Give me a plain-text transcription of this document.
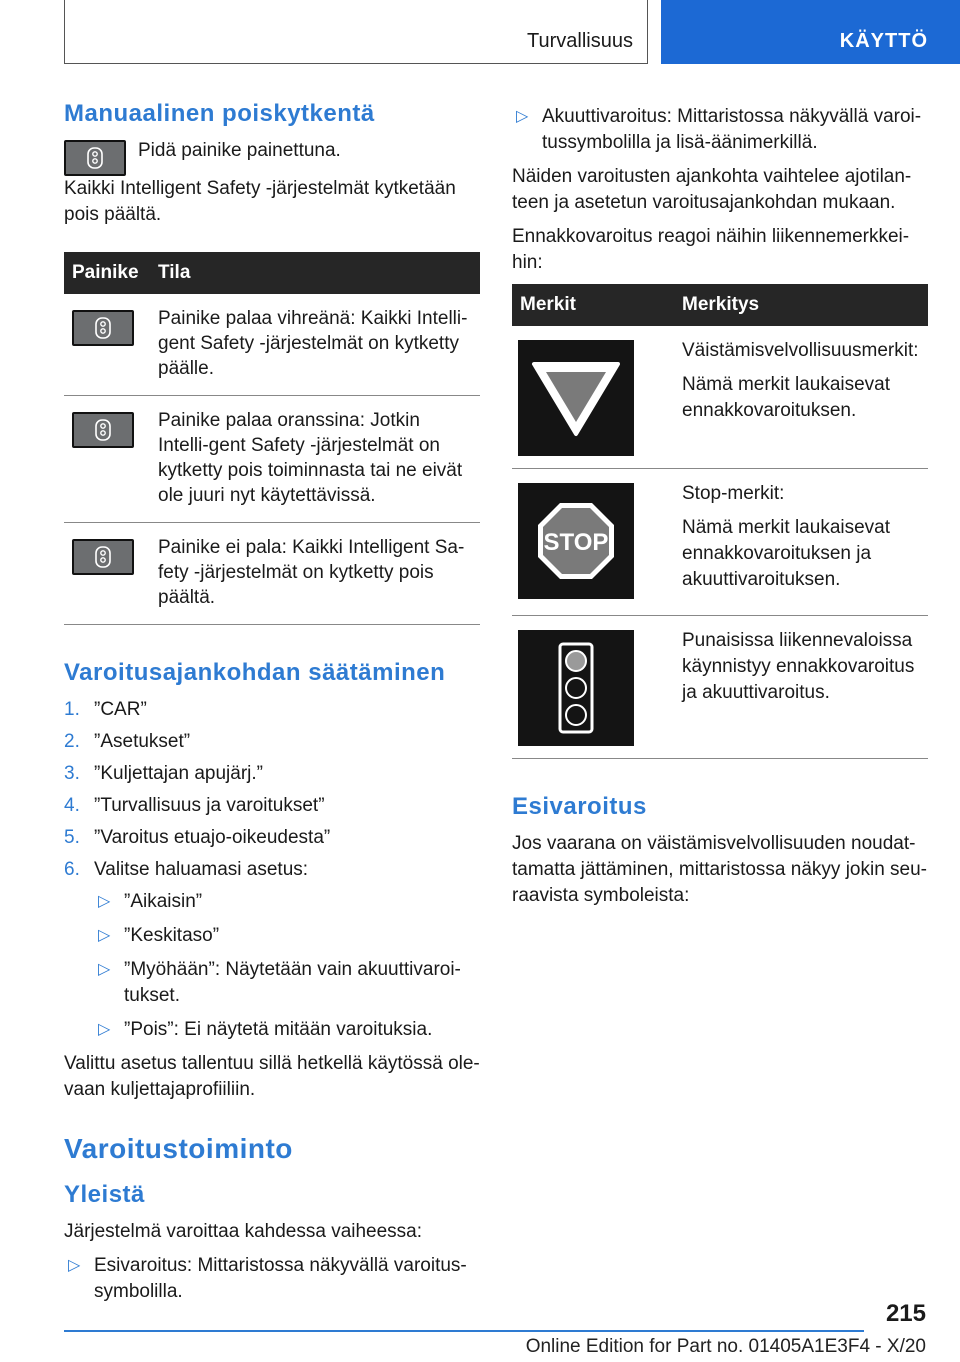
Turvallisuus	KÄYTTÖ
Manuaalinen poiskytkentä

Pidä painike painettuna.

Kaikki Intelligent Safety -järjestelmät kytketään pois päältä.

Painike	Tila

	Painike palaa vihreänä: Kaikki Intelli-gent Safety -järjestelmät on kytketty päälle.

	Painike palaa oranssina: Jotkin Intelli-gent Safety -järjestelmät on kytketty pois toiminnasta tai ne eivät ole juuri nyt käytettävissä.

	Painike ei pala: Kaikki Intelligent Sa-fety -järjestelmät on kytketty pois päältä.
Varoitusajankohdan säätäminen
1. ”CAR”
2. ”Asetukset”
3. ”Kuljettajan apujärj.”
4. ”Turvallisuus ja varoitukset”
5. ”Varoitus etuajo-oikeudesta”
6. Valitse haluamasi asetus:
▷ ”Aikaisin”
▷ ”Keskitaso”
▷ ”Myöhään”: Näytetään vain akuuttivaroi-tukset.
▷ ”Pois”: Ei näytetä mitään varoituksia.

Valittu asetus tallentuu sillä hetkellä käytössä ole-vaan kuljettajaprofiiliin.

Varoitustoiminto
Yleistä

Järjestelmä varoittaa kahdessa vaiheessa:

▷ Esivaroitus: Mittaristossa näkyvällä varoitus-symbolilla.
▷ Akuuttivaroitus: Mittaristossa näkyvällä varoi-tussymbolilla ja lisä-äänimerkillä.

Näiden varoitusten ajankohta vaihtelee ajotilan-teen ja asetetun varoitusajankohdan mukaan.

Ennakkovaroitus reagoi näihin liikennemerkkei-hin:

Merkit	Merkitys

Väistämisvelvollisuusmerkit:

Nämä merkit laukaisevat ennakkovaroituksen.

STOP	Stop-merkit:

Nämä merkit laukaisevat ennakkovaroituksen ja akuuttivaroituksen.

Punaisissa liikennevaloissa käynnistyy ennakkovaroitus ja akuuttivaroitus.

Esivaroitus

Jos vaarana on väistämisvelvollisuuden noudat-tamatta jättäminen, mittaristossa näkyy jokin seu-raavista symboleista:

215
Online Edition for Part no. 01405A1E3F4 - X/20
